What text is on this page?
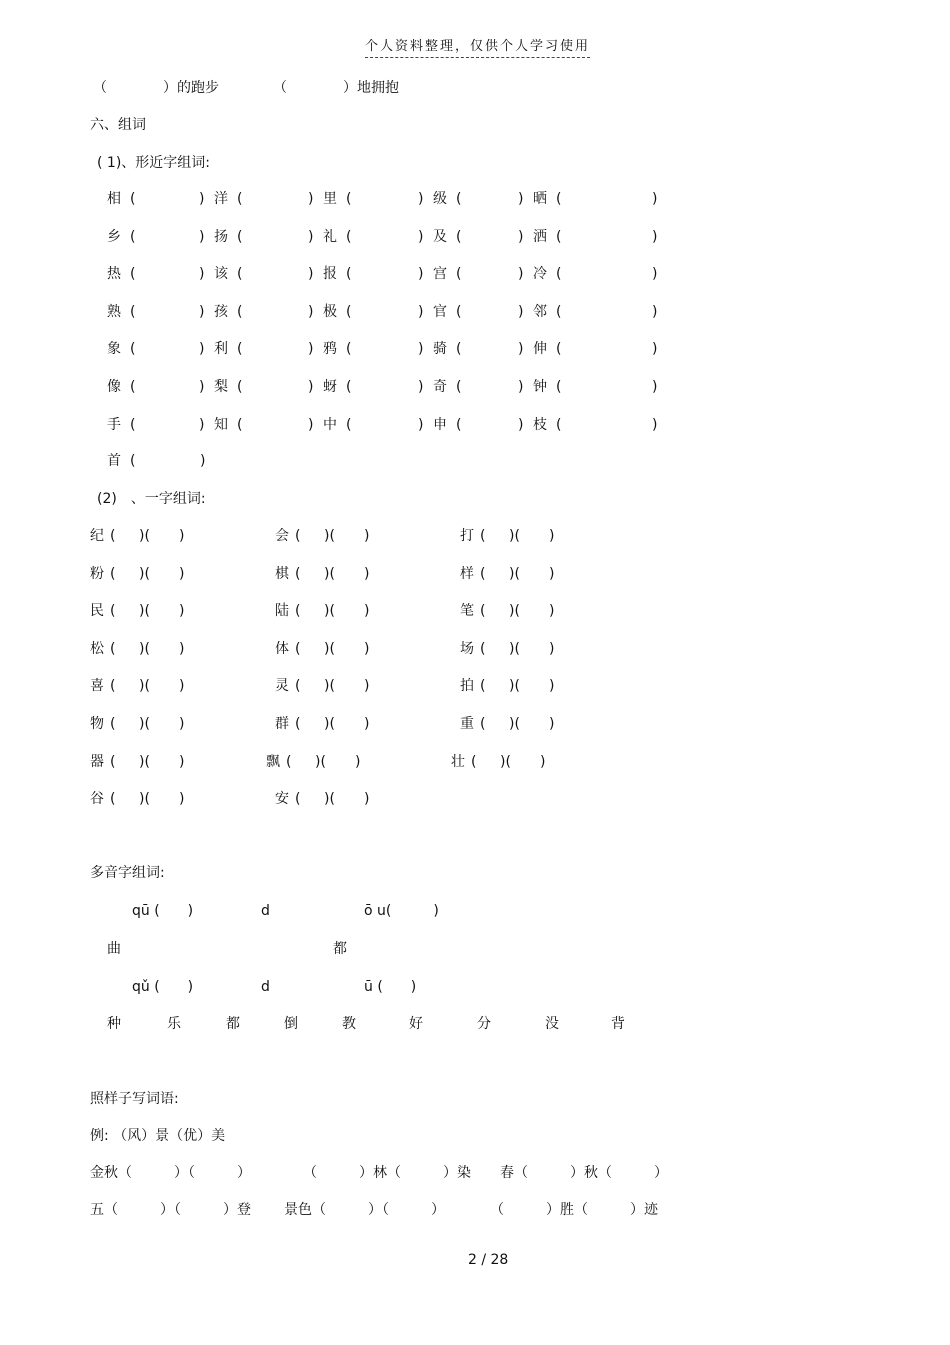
个人资料整理，仅供个人学习使用
（　　　　）的跑步	（　　　　）地拥抱
六、组词
( 1)、形近字组词:
相 (	) 洋 (	) 里 (	) 级 (	) 晒 (	)
乡 (	) 扬 (	) 礼 (	) 及 (	) 洒 (	)
热 (	) 该 (	) 报 (	) 宫 (	) 冷 (	)
熟 (	) 孩 (	) 极 (	) 官 (	) 邻 (	)
象 (	) 利 (	) 鸦 (	) 骑 (	) 伸 (	)
像 (	) 梨 (	) 蚜 (	) 奇 (	) 钟 (	)
手 (	) 知 (	) 中 (	) 申 (	) 枝 (	)
首 (	)
(2)　、一字组词:
纪 ( )( )	会 ( )( )	打 ( )( )
粉 ( )( )	棋 ( )( )	样 ( )( )
民 ( )( )	陆 ( )( )	笔 ( )( )
松 ( )( )	体 ( )( )	场 ( )( )
喜 ( )( )	灵 ( )( )	拍 ( )( )
物 ( )( )	群 ( )( )	重 ( )( )
器 ( )( )	飘 ( )( )	壮 ( )( )
谷 ( )( )	安 ( )( )
多音字组词:
qū (　　)	d	ō u(　　　)
曲	都
qǔ (　　)	d	ū (　　)
种	乐	都	倒	教	好	分	没	背
照样子写词语:
例: （风）景（优）美
金秋（　　　）（　　　）	（　　　）林（　　　）染 春（　　　）秋（　　　）
五（　　　）（　　　）登 景色（　　　）（　　　）	（　　　）胜（　　　）迹
2 / 28
